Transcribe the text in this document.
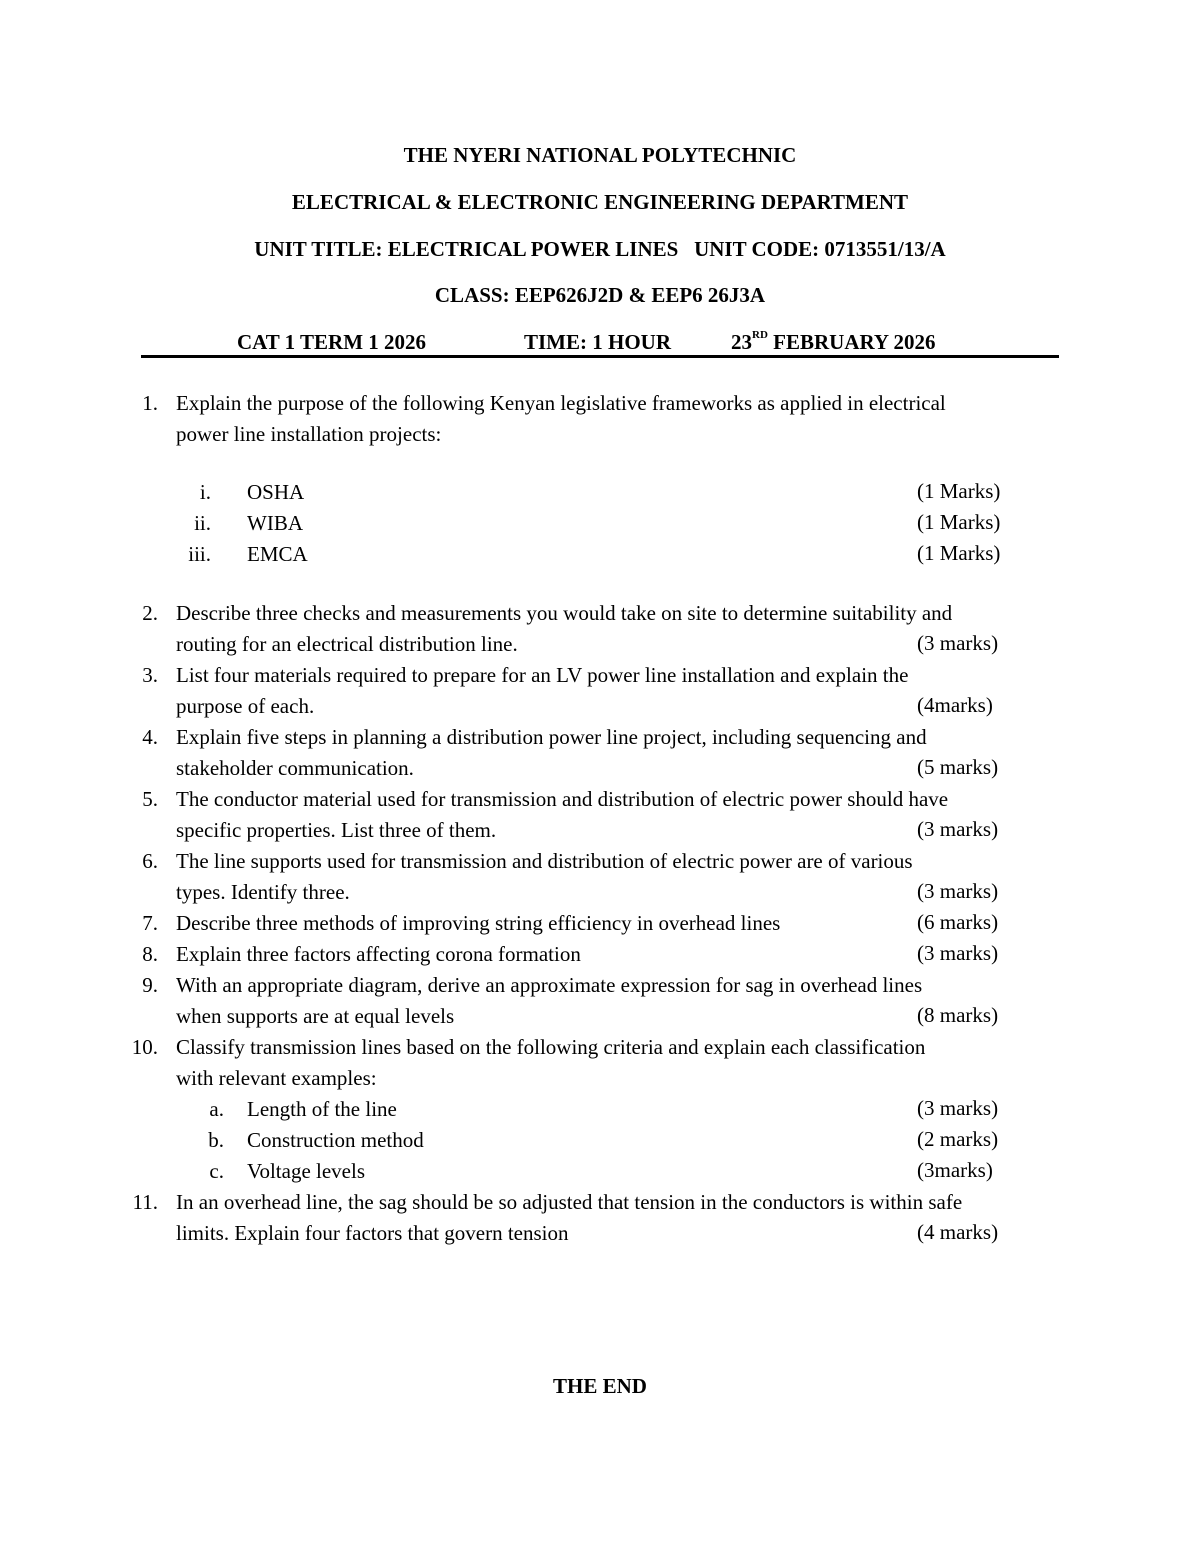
THE NYERI NATIONAL POLYTECHNIC
ELECTRICAL & ELECTRONIC ENGINEERING DEPARTMENT
UNIT TITLE: ELECTRICAL POWER LINES   UNIT CODE: 0713551/13/A
CLASS: EEP626J2D & EEP6 26J3A
CAT 1 TERM 1 2026	TIME: 1 HOUR	23RD FEBRUARY 2026
1. Explain the purpose of the following Kenyan legislative frameworks as applied in electrical
power line installation projects:
i. OSHA	(1 Marks)
ii. WIBA	(1 Marks)
iii. EMCA	(1 Marks)
2. Describe three checks and measurements you would take on site to determine suitability and
routing for an electrical distribution line.	(3 marks)
3. List four materials required to prepare for an LV power line installation and explain the
purpose of each.	(4marks)
4. Explain five steps in planning a distribution power line project, including sequencing and
stakeholder communication.	(5 marks)
5. The conductor material used for transmission and distribution of electric power should have
specific properties. List three of them.	(3 marks)
6. The line supports used for transmission and distribution of electric power are of various
types. Identify three.	(3 marks)
7. Describe three methods of improving string efficiency in overhead lines	(6 marks)
8. Explain three factors affecting corona formation	(3 marks)
9. With an appropriate diagram, derive an approximate expression for sag in overhead lines
when supports are at equal levels	(8 marks)
10. Classify transmission lines based on the following criteria and explain each classification
with relevant examples:
a. Length of the line	(3 marks)
b. Construction method	(2 marks)
c. Voltage levels	(3marks)
11. In an overhead line, the sag should be so adjusted that tension in the conductors is within safe
limits. Explain four factors that govern tension	(4 marks)
THE END
